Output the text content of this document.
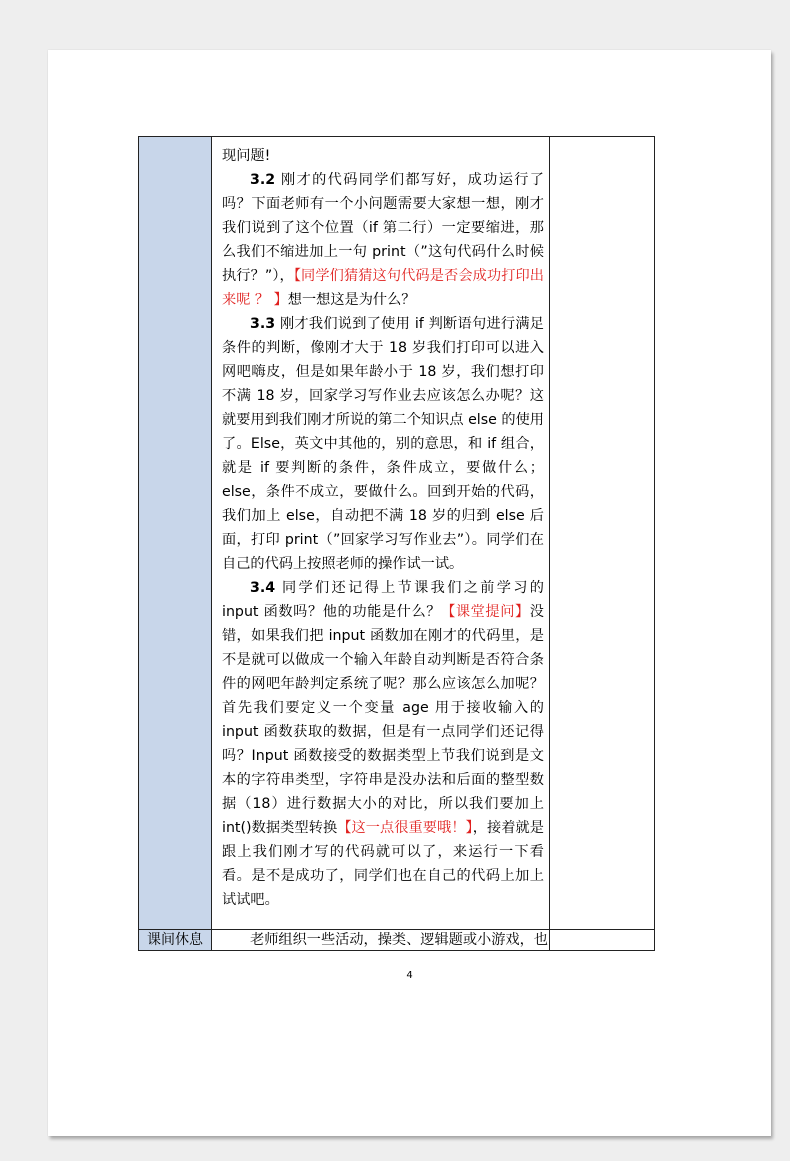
现问题!

3.2 刚才的代码同学们都写好，成功运行了吗？下面老师有一个小问题需要大家想一想，刚才我们说到了这个位置（if 第二行）一定要缩进，那么我们不缩进加上一句 print（”这句代码什么时候执行？”），【同学们猜猜这句代码是否会成功打印出来呢 ？ 】想一想这是为什么？

3.3 刚才我们说到了使用 if 判断语句进行满足条件的判断，像刚才大于 18 岁我们打印可以进入网吧嗨皮，但是如果年龄小于 18 岁，我们想打印不满 18 岁，回家学习写作业去应该怎么办呢？这就要用到我们刚才所说的第二个知识点 else 的使用了。Else，英文中其他的，别的意思，和 if 组合，就是 if 要判断的条件，条件成立，要做什么；else，条件不成立，要做什么。回到开始的代码，我们加上 else，自动把不满 18 岁的归到 else 后面，打印 print（”回家学习写作业去”）。同学们在自己的代码上按照老师的操作试一试。

3.4 同学们还记得上节课我们之前学习的 input 函数吗？他的功能是什么？【课堂提问】没错，如果我们把 input 函数加在刚才的代码里，是不是就可以做成一个输入年龄自动判断是否符合条件的网吧年龄判定系统了呢？那么应该怎么加呢？首先我们要定义一个变量 age 用于接收输入的 input 函数获取的数据，但是有一点同学们还记得吗？Input 函数接受的数据类型上节我们说到是文本的字符串类型，字符串是没办法和后面的整型数据（18）进行数据大小的对比，所以我们要加上 int()数据类型转换【这一点很重要哦！】，接着就是跟上我们刚才写的代码就可以了，来运行一下看看。是不是成功了，同学们也在自己的代码上加上试试吧。

课间休息	老师组织一些活动，操类、逻辑题或小游戏，也
4
